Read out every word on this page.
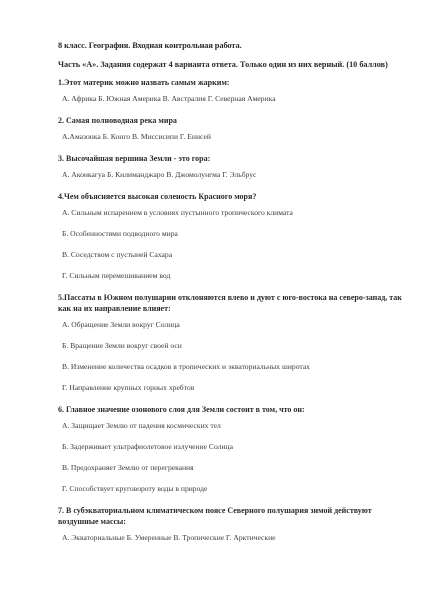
8 класс. География. Входная контрольная работа.

Часть «А». Задания содержат 4 варианта ответа. Только один из них верный. (10 баллов)

1.Этот материк можно назвать самым жарким:

А. Африка Б. Южная Америка В. Австралия Г. Северная Америка

2. Самая полноводная река мира

А.Амазонка Б. Конго В. Миссисипи Г. Енисей

3. Высочайшая вершина Земли - это гора:

А. Аконкагуа Б. Килиманджаро В. Джомолунгма Г. Эльбрус

4.Чем объясняется высокая соленость Красного моря?

А. Сильным испарением в условиях пустынного тропического климата

Б. Особенностями подводного мира

В. Соседством с пустыней Сахара

Г. Сильным перемешиванием вод

5.Пассаты в Южном полушарии отклоняются влево и дуют с юго-востока на северо-запад, так как на их направление влияет:

А. Обращение Земли вокруг Солнца

Б. Вращение Земли вокруг своей оси

В. Изменение количества осадков в тропических и экваториальных широтах

Г. Направление крупных горных хребтов

6. Главное значение озонового слоя для Земли состоит в том, что он:

А. Защищает Землю от падения космических тел

Б. Задерживает ультрафиолетовое излучение Солнца

В. Предохраняет Землю от перегревания

Г. Способствует круговороту воды в природе

7. В субэкваториальном климатическом поясе Северного полушария зимой действуют воздушные массы:

А. Экваториальные Б. Умеренные В. Тропические Г. Арктические
